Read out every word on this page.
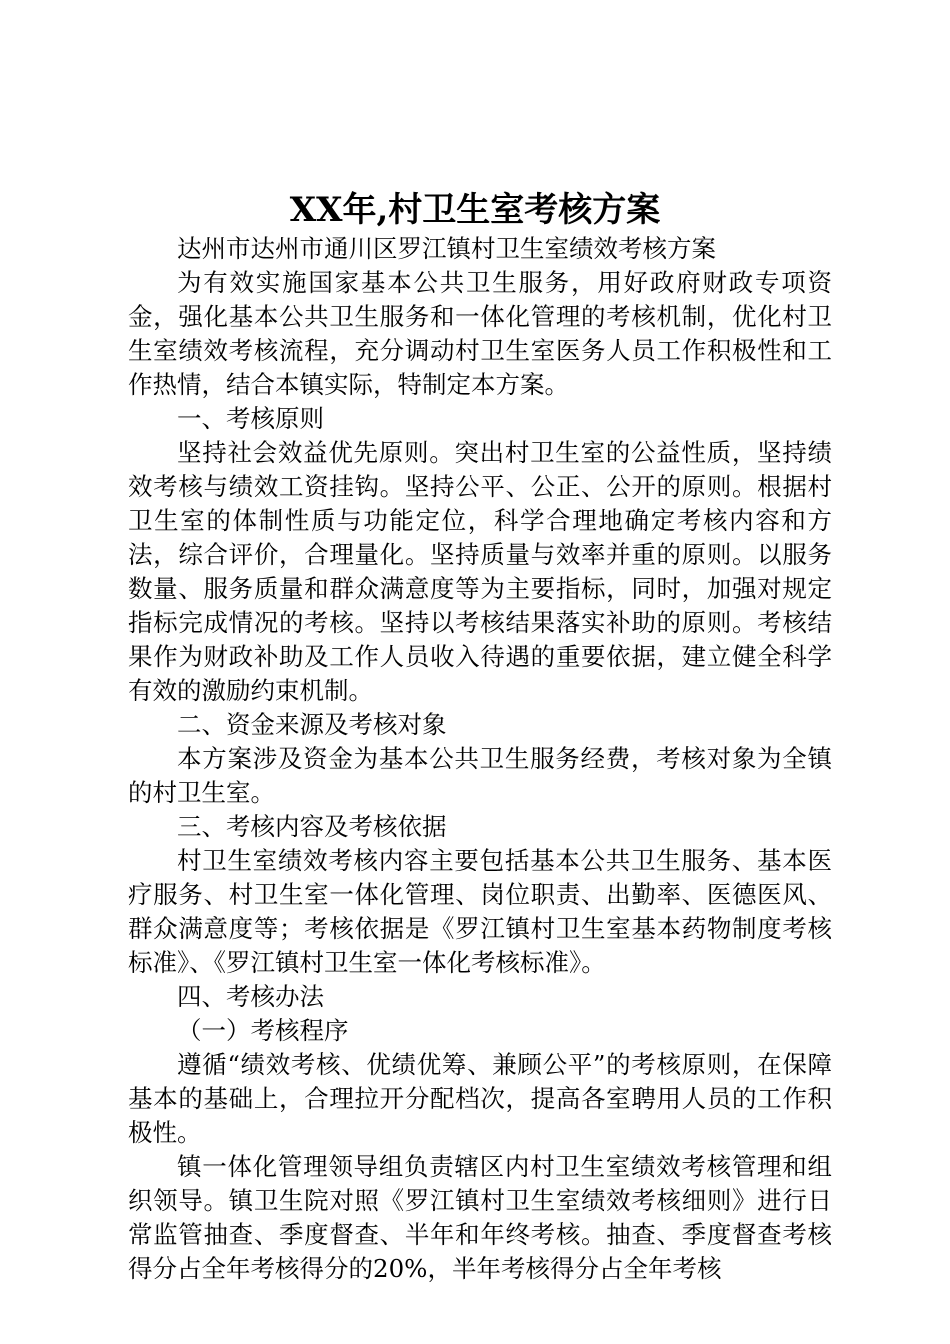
XX年,村卫生室考核方案

达州市达州市通川区罗江镇村卫生室绩效考核方案

为有效实施国家基本公共卫生服务，用好政府财政专项资金，强化基本公共卫生服务和一体化管理的考核机制，优化村卫生室绩效考核流程，充分调动村卫生室医务人员工作积极性和工作热情，结合本镇实际，特制定本方案。

一、考核原则

坚持社会效益优先原则。突出村卫生室的公益性质，坚持绩效考核与绩效工资挂钩。坚持公平、公正、公开的原则。根据村卫生室的体制性质与功能定位，科学合理地确定考核内容和方法，综合评价，合理量化。坚持质量与效率并重的原则。以服务数量、服务质量和群众满意度等为主要指标，同时，加强对规定指标完成情况的考核。坚持以考核结果落实补助的原则。考核结果作为财政补助及工作人员收入待遇的重要依据，建立健全科学有效的激励约束机制。

二、资金来源及考核对象

本方案涉及资金为基本公共卫生服务经费，考核对象为全镇的村卫生室。

三、考核内容及考核依据

村卫生室绩效考核内容主要包括基本公共卫生服务、基本医疗服务、村卫生室一体化管理、岗位职责、出勤率、医德医风、群众满意度等；考核依据是《罗江镇村卫生室基本药物制度考核标准》、《罗江镇村卫生室一体化考核标准》。

四、考核办法

（一）考核程序

遵循“绩效考核、优绩优筹、兼顾公平”的考核原则，在保障基本的基础上，合理拉开分配档次，提高各室聘用人员的工作积极性。

镇一体化管理领导组负责辖区内村卫生室绩效考核管理和组织领导。镇卫生院对照《罗江镇村卫生室绩效考核细则》进行日常监管抽查、季度督查、半年和年终考核。抽查、季度督查考核得分占全年考核得分的20%，半年考核得分占全年考核
